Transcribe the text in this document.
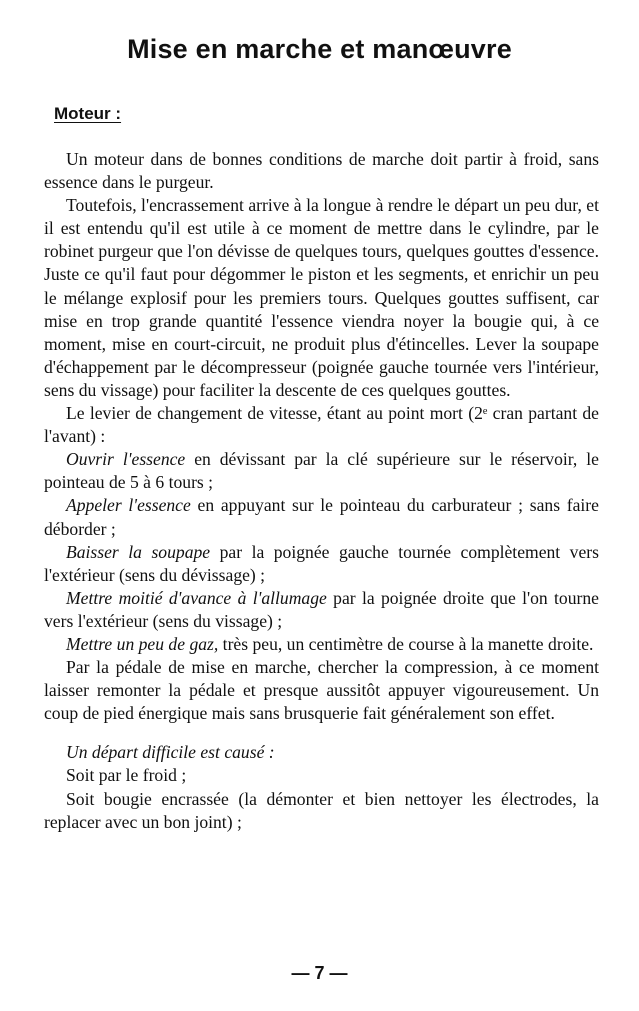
Mise en marche et manœuvre
Moteur :

Un moteur dans de bonnes conditions de marche doit partir à froid, sans essence dans le purgeur.

Toutefois, l'encrassement arrive à la longue à rendre le départ un peu dur, et il est entendu qu'il est utile à ce moment de mettre dans le cylindre, par le robinet purgeur que l'on dévisse de quelques tours, quelques gouttes d'essence. Juste ce qu'il faut pour dégommer le piston et les segments, et enrichir un peu le mélange explosif pour les premiers tours. Quelques gouttes suffisent, car mise en trop grande quantité l'essence viendra noyer la bougie qui, à ce moment, mise en court-circuit, ne produit plus d'étincelles. Lever la soupape d'échappement par le décompresseur (poignée gauche tournée vers l'intérieur, sens du vissage) pour faciliter la descente de ces quelques gouttes.

Le levier de changement de vitesse, étant au point mort (2ᵉ cran partant de l'avant) :

Ouvrir l'essence en dévissant par la clé supérieure sur le réservoir, le pointeau de 5 à 6 tours ;

Appeler l'essence en appuyant sur le pointeau du carburateur ; sans faire déborder ;

Baisser la soupape par la poignée gauche tournée complètement vers l'extérieur (sens du dévissage) ;

Mettre moitié d'avance à l'allumage par la poignée droite que l'on tourne vers l'extérieur (sens du vissage) ;

Mettre un peu de gaz, très peu, un centimètre de course à la manette droite.

Par la pédale de mise en marche, chercher la compression, à ce moment laisser remonter la pédale et presque aussitôt appuyer vigoureusement. Un coup de pied énergique mais sans brusquerie fait généralement son effet.

Un départ difficile est causé :

Soit par le froid ;

Soit bougie encrassée (la démonter et bien nettoyer les électrodes, la replacer avec un bon joint) ;

— 7 —
